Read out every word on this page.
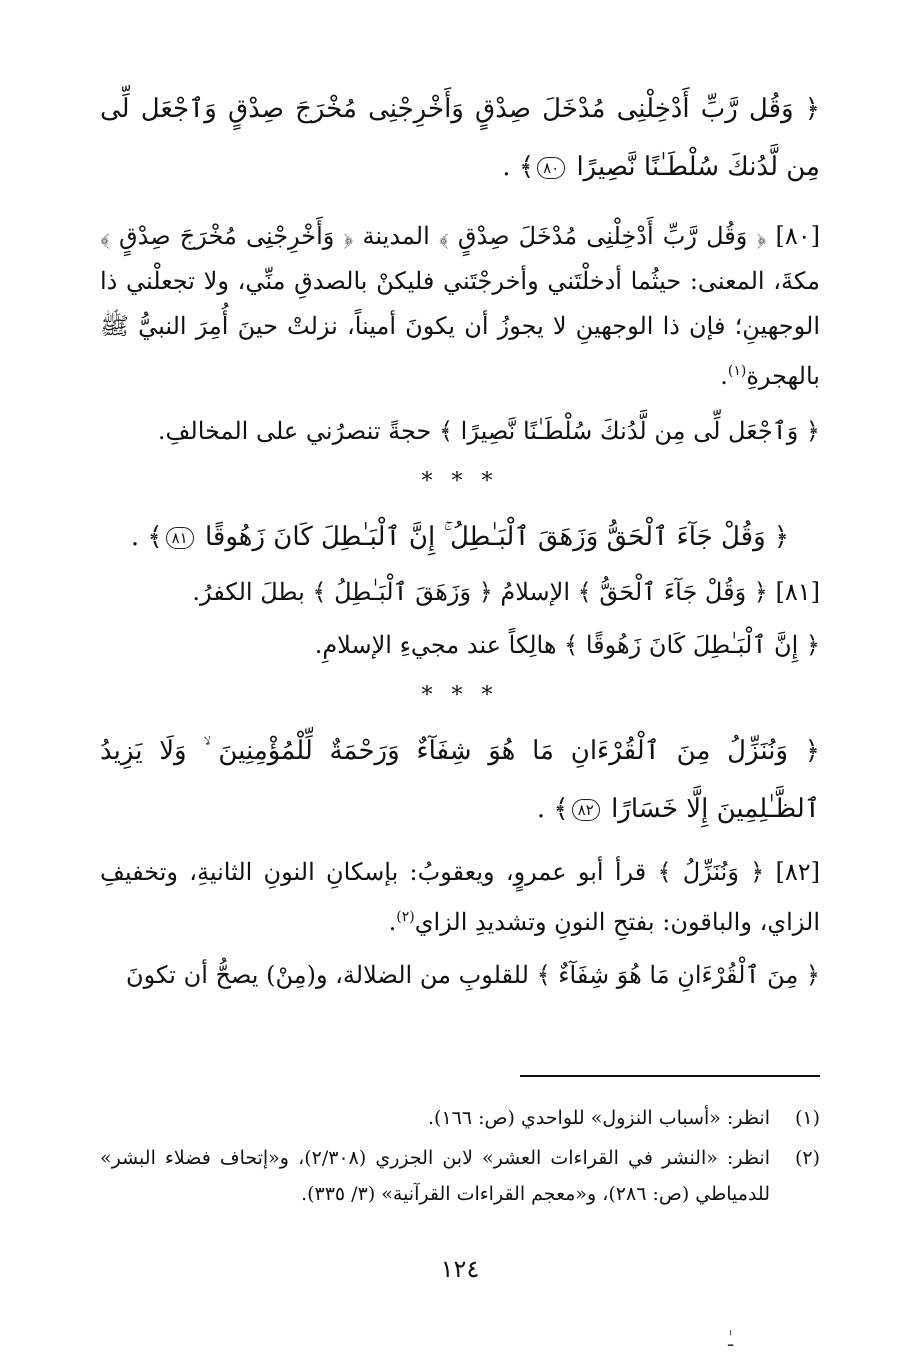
﴿ وَقُل رَّبِّ أَدْخِلْنِى مُدْخَلَ صِدْقٍ وَأَخْرِجْنِى مُخْرَجَ صِدْقٍ وَٱجْعَل لِّى مِن لَّدُنكَ سُلْطَـٰنًا نَّصِيرًا ٨٠﴾ .

[٨٠] ﴿ وَقُل رَّبِّ أَدْخِلْنِى مُدْخَلَ صِدْقٍ ﴾ المدينة ﴿ وَأَخْرِجْنِى مُخْرَجَ صِدْقٍ ﴾ مكةَ، المعنى: حيثُما أدخلْتَني وأخرجْتَني فليكنْ بالصدقِ منِّي، ولا تجعلْني ذا الوجهينِ؛ فإن ذا الوجهينِ لا يجوزُ أن يكونَ أميناً، نزلتْ حينَ أُمِرَ النبيُّ ﷺ بالهجرةِ$^{(١)}$.

﴿ وَٱجْعَل لِّى مِن لَّدُنكَ سُلْطَـٰنًا نَّصِيرًا ﴾ حجةً تنصرُني على المخالفِ.

* * *

﴿ وَقُلْ جَآءَ ٱلْحَقُّ وَزَهَقَ ٱلْبَـٰطِلُ ۚ إِنَّ ٱلْبَـٰطِلَ كَانَ زَهُوقًا ٨١﴾ .

[٨١] ﴿ وَقُلْ جَآءَ ٱلْحَقُّ ﴾ الإسلامُ ﴿ وَزَهَقَ ٱلْبَـٰطِلُ ﴾ بطلَ الكفرُ.

﴿ إِنَّ ٱلْبَـٰطِلَ كَانَ زَهُوقًا ﴾ هالِكاً عند مجيءِ الإسلامِ.

* * *

﴿ وَنُنَزِّلُ مِنَ ٱلْقُرْءَانِ مَا هُوَ شِفَآءٌ وَرَحْمَةٌ لِّلْمُؤْمِنِينَ ۙ وَلَا يَزِيدُ ٱلظَّـٰلِمِينَ إِلَّا خَسَارًا ٨٢﴾ .

[٨٢] ﴿ وَنُنَزِّلُ ﴾ قرأ أبو عمروٍ، ويعقوبُ: بإسكانِ النونِ الثانيةِ، وتخفيفِ الزاي، والباقون: بفتحِ النونِ وتشديدِ الزاي$^{(٢)}$.

﴿ مِنَ ٱلْقُرْءَانِ مَا هُوَ شِفَآءٌ ﴾ للقلوبِ من الضلالة، و(مِنْ) يصحُّ أن تكونَ

(١)
انظر: «أسباب النزول» للواحدي (ص: ١٦٦).
(٢)
انظر: «النشر في القراءات العشر» لابن الجزري (٢/٣٠٨)، و«إتحاف فضلاء البشر» للدمياطي (ص: ٢٨٦)، و«معجم القراءات القرآنية» (٣/ ٣٣٥).
١٢٤
ـٰ
